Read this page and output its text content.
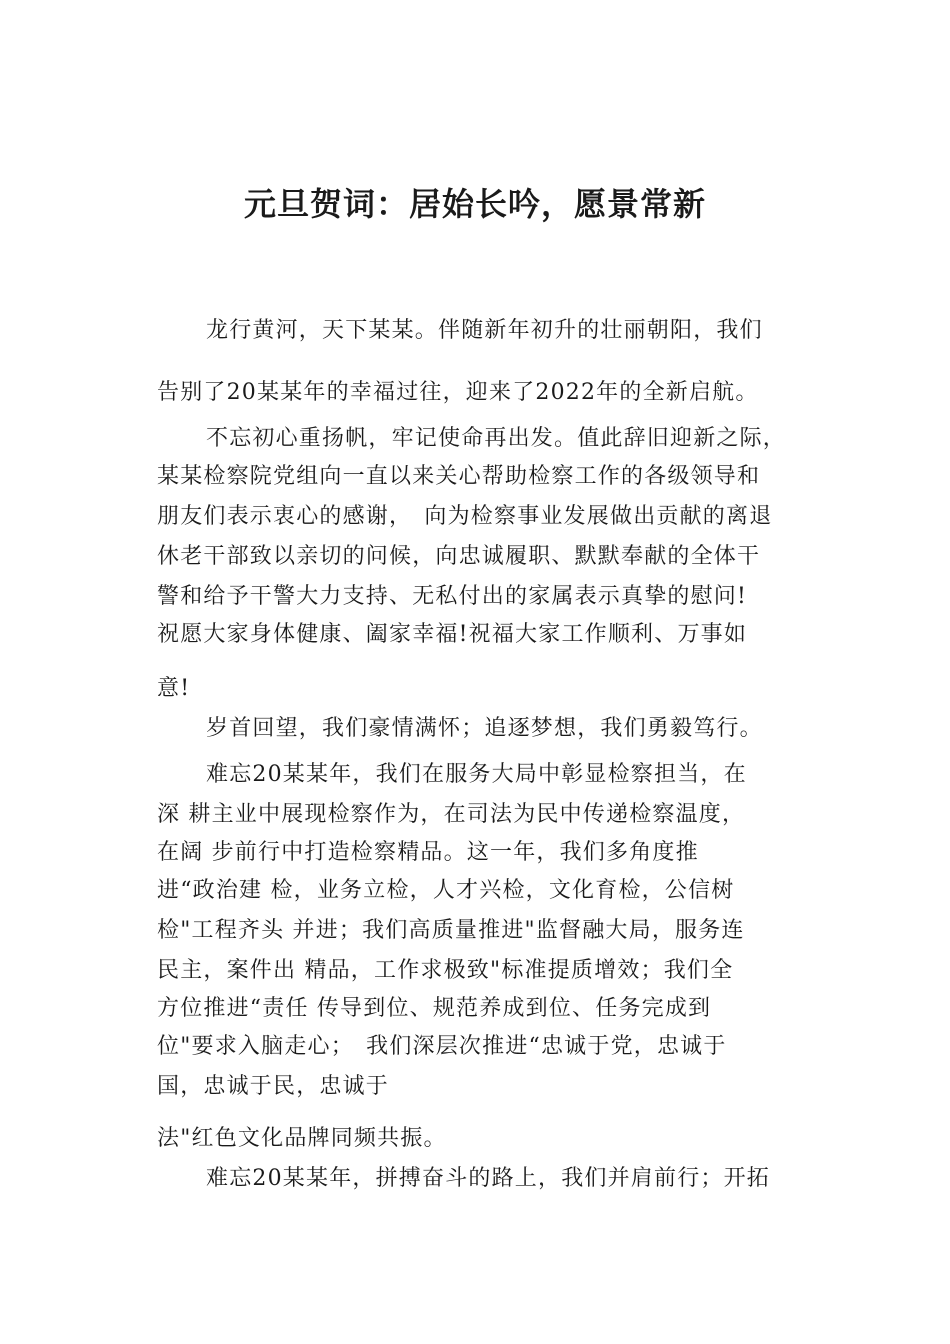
元旦贺词：居始长吟，愿景常新
龙行黄河，天下某某。伴随新年初升的壮丽朝阳，我们
告别了20某某年的幸福过往，迎来了2022年的全新启航。
不忘初心重扬帆，牢记使命再出发。值此辞旧迎新之际，
某某检察院党组向一直以来关心帮助检察工作的各级领导和
朋友们表示衷心的感谢，　向为检察事业发展做出贡献的离退
休老干部致以亲切的问候，向忠诚履职、默默奉献的全体干
警和给予干警大力支持、无私付出的家属表示真挚的慰问!
祝愿大家身体健康、阖家幸福!祝福大家工作顺利、万事如
意!
岁首回望，我们豪情满怀；追逐梦想，我们勇毅笃行。
难忘20某某年，我们在服务大局中彰显检察担当，在
深 耕主业中展现检察作为，在司法为民中传递检察温度，
在阔 步前行中打造检察精品。这一年，我们多角度推
进“政治建 检，业务立检，人才兴检，文化育检，公信树
检"工程齐头 并进；我们高质量推进"监督融大局，服务连
民主，案件出 精品，工作求极致"标准提质增效；我们全
方位推进“责任 传导到位、规范养成到位、任务完成到
位"要求入脑走心；　我们深层次推进“忠诚于党，忠诚于
国，忠诚于民，忠诚于
法"红色文化品牌同频共振。
难忘20某某年，拼搏奋斗的路上，我们并肩前行；开拓
